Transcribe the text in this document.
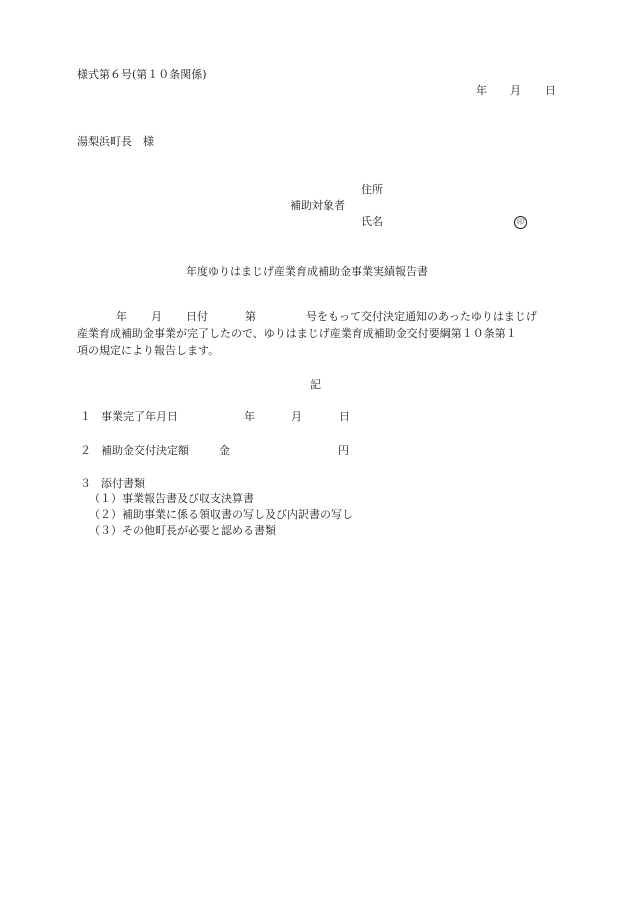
様式第６号(第１０条関係)
年 月 日
湯梨浜町長　様
住所
補助対象者
氏名	印
年度ゆりはまじげ産業育成補助金事業実績報告書
年 月 日付	第	号をもって交付決定通知のあったゆりはまじげ
産業育成補助金事業が完了したので、ゆりはまじげ産業育成補助金交付要綱第１０条第１
項の規定により報告します。
記
１ 事業完了年月日	年	月	日
２ 補助金交付決定額	金	円
３ 添付書類
（１）事業報告書及び収支決算書
（２）補助事業に係る領収書の写し及び内訳書の写し
（３）その他町長が必要と認める書類
